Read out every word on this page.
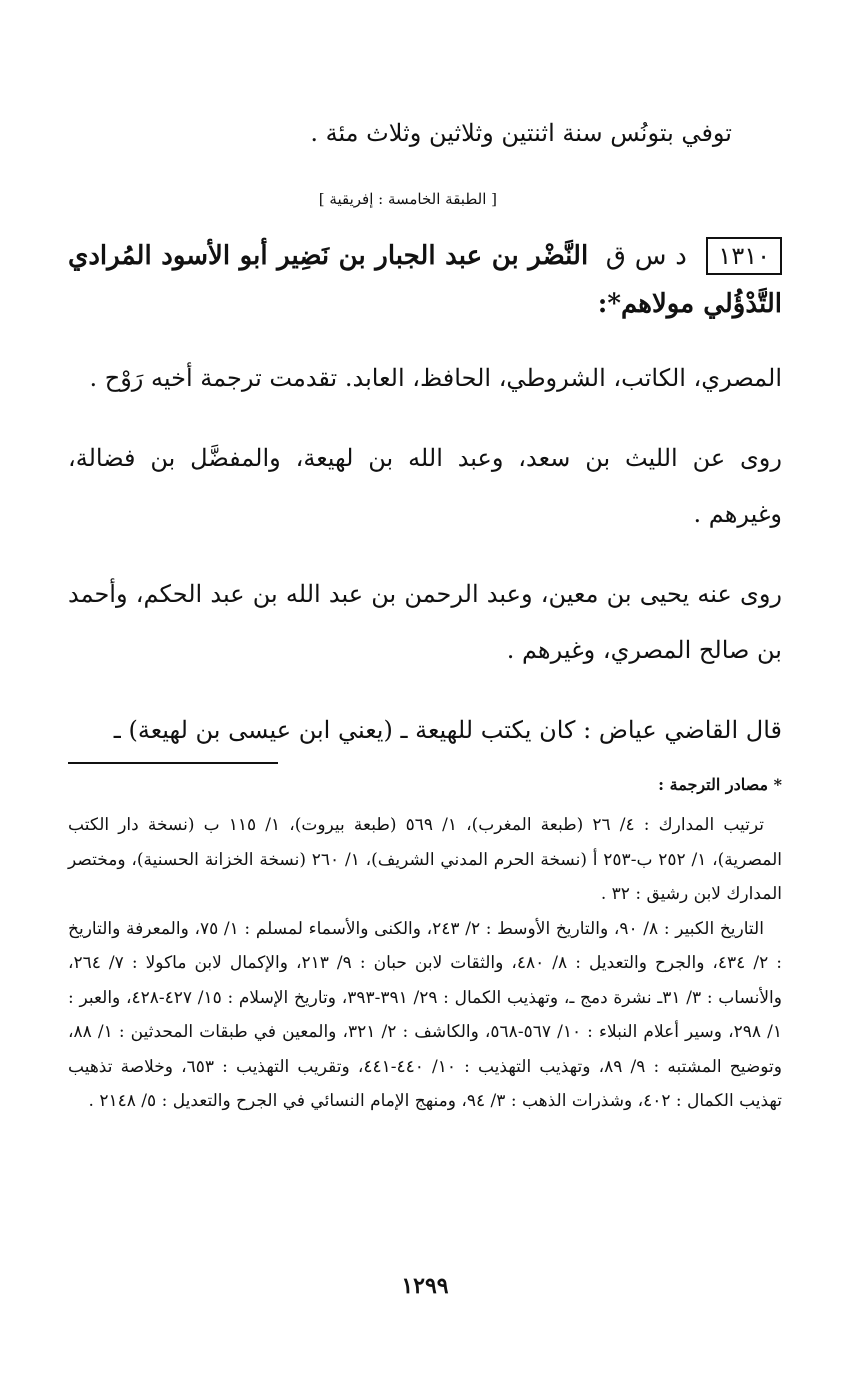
توفي بتونُس سنة اثنتين وثلاثين وثلاث مئة .
[ الطبقة الخامسة : إفريقية ]
١٣١٠ د س ق النَّضْر بن عبد الجبار بن نَضِير أبو الأسود المُرادي التَّدْؤُلي مولاهم*:

المصري، الكاتب، الشروطي، الحافظ، العابد. تقدمت ترجمة أخيه رَوْح .

روى عن الليث بن سعد، وعبد الله بن لهيعة، والمفضَّل بن فضالة، وغيرهم .

روى عنه يحيى بن معين، وعبد الرحمن بن عبد الله بن عبد الحكم، وأحمد بن صالح المصري، وغيرهم .

قال القاضي عياض : كان يكتب للهيعة ـ (يعني ابن عيسى بن لهيعة) ـ

* مصادر الترجمة :

ترتيب المدارك : ٤/ ٢٦ (طبعة المغرب)، ١/ ٥٦٩ (طبعة بيروت)، ١/ ١١٥ ب (نسخة دار الكتب المصرية)، ١/ ٢٥٢ ب-٢٥٣ أ (نسخة الحرم المدني الشريف)، ١/ ٢٦٠ (نسخة الخزانة الحسنية)، ومختصر المدارك لابن رشيق : ٣٢ .

التاريخ الكبير : ٨/ ٩٠، والتاريخ الأوسط : ٢/ ٢٤٣، والكنى والأسماء لمسلم : ١/ ٧٥، والمعرفة والتاريخ : ٢/ ٤٣٤، والجرح والتعديل : ٨/ ٤٨٠، والثقات لابن حبان : ٩/ ٢١٣، والإكمال لابن ماكولا : ٧/ ٢٦٤، والأنساب : ٣/ ٣١ـ نشرة دمج ـ، وتهذيب الكمال : ٢٩/ ٣٩١-٣٩٣، وتاريخ الإسلام : ١٥/ ٤٢٧-٤٢٨، والعبر : ١/ ٢٩٨، وسير أعلام النبلاء : ١٠/ ٥٦٧-٥٦٨، والكاشف : ٢/ ٣٢١، والمعين في طبقات المحدثين : ١/ ٨٨، وتوضيح المشتبه : ٩/ ٨٩، وتهذيب التهذيب : ١٠/ ٤٤٠-٤٤١، وتقريب التهذيب : ٦٥٣، وخلاصة تذهيب تهذيب الكمال : ٤٠٢، وشذرات الذهب : ٣/ ٩٤، ومنهج الإمام النسائي في الجرح والتعديل : ٥/ ٢١٤٨ .

١٢٩٩
